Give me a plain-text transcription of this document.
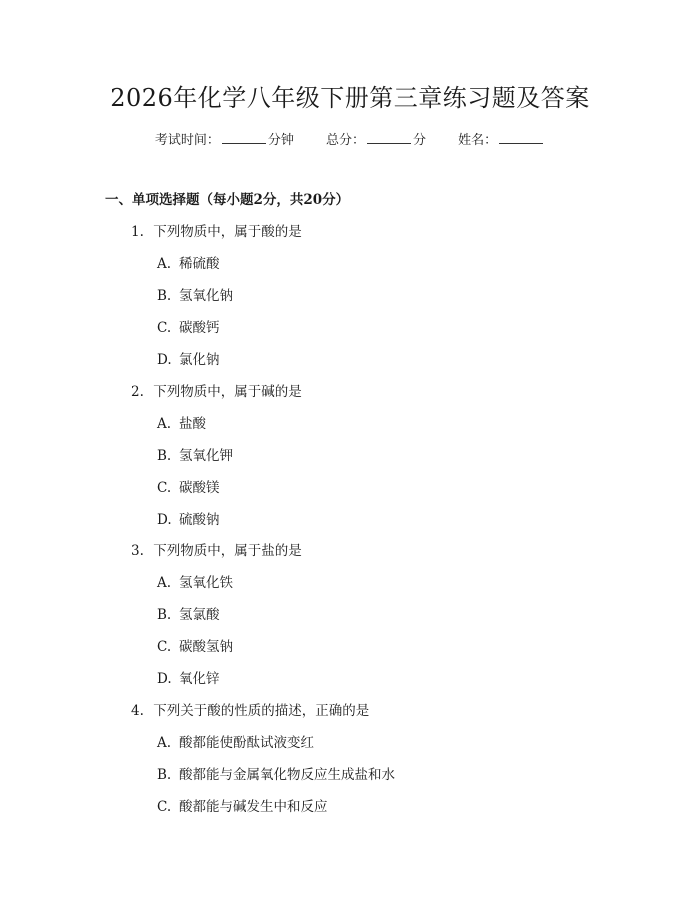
2026年化学八年级下册第三章练习题及答案
考试时间：	分钟 总分：	分 姓名：
一、单项选择题（每小题2分，共20分）
1. 下列物质中，属于酸的是
A. 稀硫酸
B. 氢氧化钠
C. 碳酸钙
D. 氯化钠
2. 下列物质中，属于碱的是
A. 盐酸
B. 氢氧化钾
C. 碳酸镁
D. 硫酸钠
3. 下列物质中，属于盐的是
A. 氢氧化铁
B. 氢氯酸
C. 碳酸氢钠
D. 氧化锌
4. 下列关于酸的性质的描述，正确的是
A. 酸都能使酚酞试液变红
B. 酸都能与金属氧化物反应生成盐和水
C. 酸都能与碱发生中和反应
